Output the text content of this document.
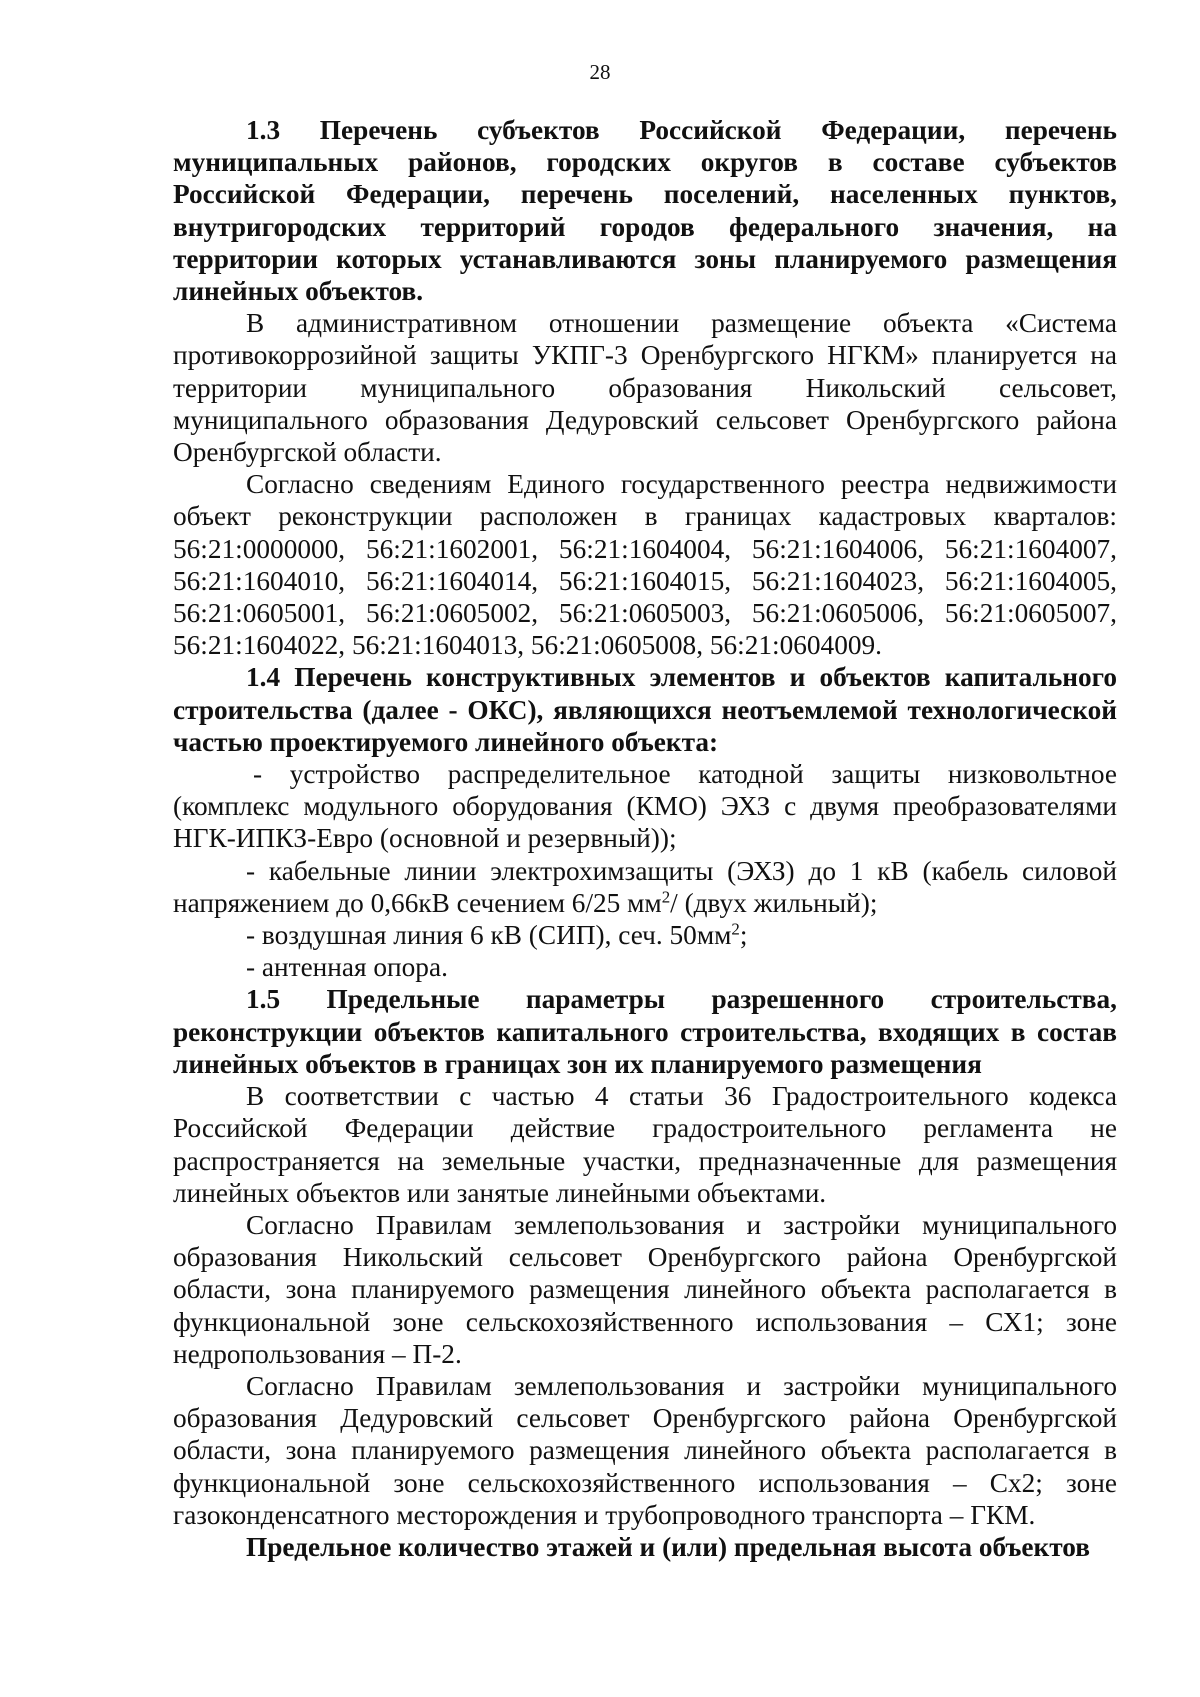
28

1.3 Перечень субъектов Российской Федерации, перечень муниципальных районов, городских округов в составе субъектов Российской Федерации, перечень поселений, населенных пунктов, внутригородских территорий городов федерального значения, на территории которых устанавливаются зоны планируемого размещения линейных объектов.

В административном отношении размещение объекта «Система противокоррозийной защиты УКПГ-3 Оренбургского НГКМ» планируется на территории муниципального образования Никольский сельсовет, муниципального образования Дедуровский сельсовет Оренбургского района Оренбургской области.

Согласно сведениям Единого государственного реестра недвижимости объект реконструкции расположен в границах кадастровых кварталов: 56:21:0000000, 56:21:1602001, 56:21:1604004, 56:21:1604006, 56:21:1604007, 56:21:1604010, 56:21:1604014, 56:21:1604015, 56:21:1604023, 56:21:1604005, 56:21:0605001, 56:21:0605002, 56:21:0605003, 56:21:0605006, 56:21:0605007, 56:21:1604022, 56:21:1604013, 56:21:0605008, 56:21:0604009.

1.4 Перечень конструктивных элементов и объектов капитального строительства (далее - ОКС), являющихся неотъемлемой технологической частью проектируемого линейного объекта:

- устройство распределительное катодной защиты низковольтное (комплекс модульного оборудования (КМО) ЭХЗ с двумя преобразователями НГК-ИПКЗ-Евро (основной и резервный));

- кабельные линии электрохимзащиты (ЭХЗ) до 1 кВ (кабель силовой напряжением до 0,66кВ сечением 6/25 $мм^2/$ (двух жильный);

- воздушная линия 6 кВ (СИП), сеч. $50мм^2$;

- антенная опора.

1.5 Предельные параметры разрешенного строительства, реконструкции объектов капитального строительства, входящих в состав линейных объектов в границах зон их планируемого размещения

В соответствии с частью 4 статьи 36 Градостроительного кодекса Российской Федерации действие градостроительного регламента не распространяется на земельные участки, предназначенные для размещения линейных объектов или занятые линейными объектами.

Согласно Правилам землепользования и застройки муниципального образования Никольский сельсовет Оренбургского района Оренбургской области, зона планируемого размещения линейного объекта располагается в функциональной зоне сельскохозяйственного использования – СХ1; зоне недропользования – П-2.

Согласно Правилам землепользования и застройки муниципального образования Дедуровский сельсовет Оренбургского района Оренбургской области, зона планируемого размещения линейного объекта располагается в функциональной зоне сельскохозяйственного использования – Сх2; зоне газоконденсатного месторождения и трубопроводного транспорта – ГКМ.

Предельное количество этажей и (или) предельная высота объектов
